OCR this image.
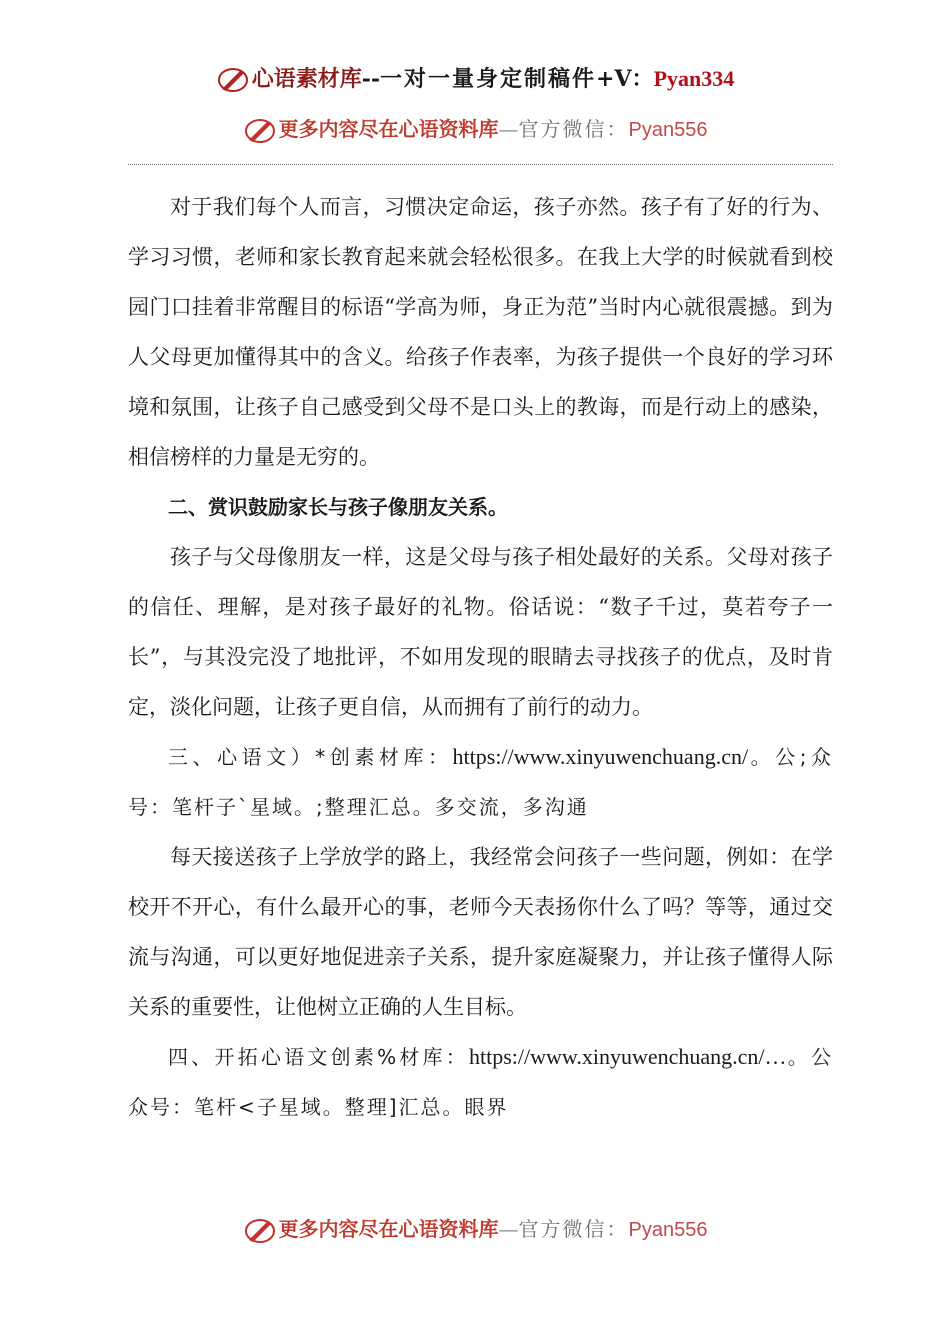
心语素材库--一对一量身定制稿件+V：Pyan334
更多内容尽在心语资料库—官方微信：Pyan556

对于我们每个人而言，习惯决定命运，孩子亦然。孩子有了好的行为、学习习惯，老师和家长教育起来就会轻松很多。在我上大学的时候就看到校园门口挂着非常醒目的标语“学高为师，身正为范”当时内心就很震撼。到为人父母更加懂得其中的含义。给孩子作表率，为孩子提供一个良好的学习环境和氛围，让孩子自己感受到父母不是口头上的教诲，而是行动上的感染，相信榜样的力量是无穷的。

二、赏识鼓励家长与孩子像朋友关系。

孩子与父母像朋友一样，这是父母与孩子相处最好的关系。父母对孩子的信任、理解，是对孩子最好的礼物。俗话说：“数子千过，莫若夸子一长”，与其没完没了地批评，不如用发现的眼睛去寻找孩子的优点，及时肯定，淡化问题，让孩子更自信，从而拥有了前行的动力。

三、心语文）*创素材库：https://www.xinyuwenchuang.cn/。公;众号：笔杆子`星域。;整理汇总。多交流，多沟通

每天接送孩子上学放学的路上，我经常会问孩子一些问题，例如：在学校开不开心，有什么最开心的事，老师今天表扬你什么了吗？等等，通过交流与沟通，可以更好地促进亲子关系，提升家庭凝聚力，并让孩子懂得人际关系的重要性，让他树立正确的人生目标。

四、开拓心语文创素%材库：https://www.xinyuwenchuang.cn/…。公众号：笔杆<子星域。整理]汇总。眼界

更多内容尽在心语资料库—官方微信：Pyan556
